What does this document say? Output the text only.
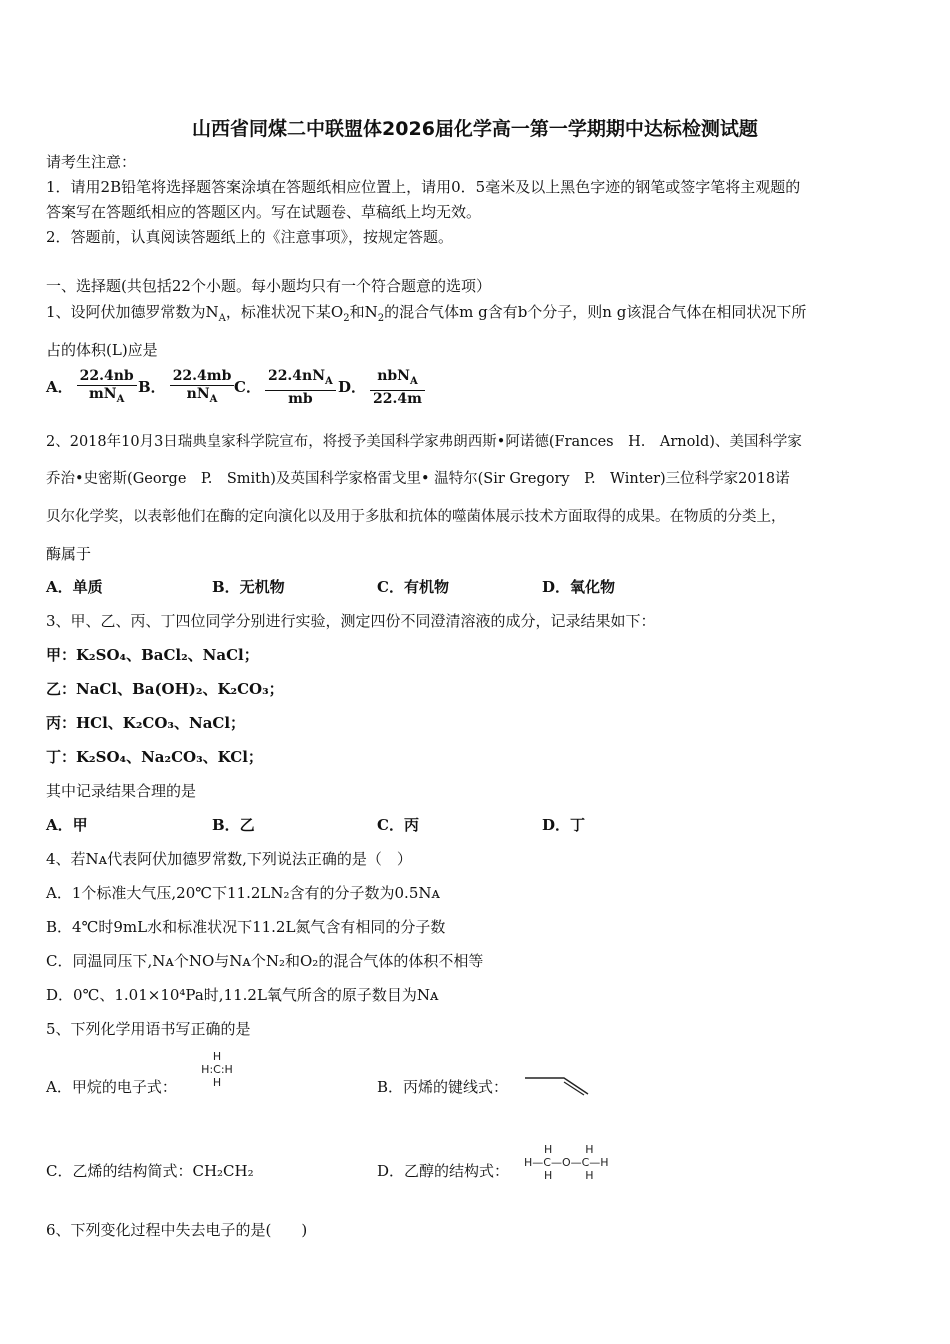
山西省同煤二中联盟体2026届化学高一第一学期期中达标检测试题
请考生注意：
1．请用2B铅笔将选择题答案涂填在答题纸相应位置上，请用0．5毫米及以上黑色字迹的钢笔或签字笔将主观题的
答案写在答题纸相应的答题区内。写在试题卷、草稿纸上均无效。
2．答题前，认真阅读答题纸上的《注意事项》，按规定答题。
一、选择题(共包括22个小题。每小题均只有一个符合题意的选项）
1、设阿伏加德罗常数为$N_A$，标准状况下某$O_2$和$N_2$的混合气体m g含有b个分子，则n g该混合气体在相同状况下所
占的体积(L)应是
A． $\frac{22.4nb}{mN_A}$ B． $\frac{22.4mb}{nN_A}$ C． $\frac{22.4nN_A}{mb}$ D． $\frac{nbN_A}{22.4m}$
2、2018年10月3日瑞典皇家科学院宣布，将授予美国科学家弗朗西斯•阿诺德(Frances　H.　Arnold)、美国科学家
乔治•史密斯(George　P.　Smith)及英国科学家格雷戈里• 温特尔(Sir Gregory　P.　Winter)三位科学家2018诺
贝尔化学奖，以表彰他们在酶的定向演化以及用于多肽和抗体的噬菌体展示技术方面取得的成果。在物质的分类上，
酶属于
A．单质	B．无机物	C．有机物	D．氧化物
3、甲、乙、丙、丁四位同学分别进行实验，测定四份不同澄清溶液的成分，记录结果如下：
甲：K₂SO₄、BaCl₂、NaCl；
乙：NaCl、Ba(OH)₂、K₂CO₃；
丙：HCl、K₂CO₃、NaCl；
丁：K₂SO₄、Na₂CO₃、KCl；
其中记录结果合理的是
A．甲	B．乙	C．丙	D．丁
4、若Nᴀ代表阿伏加德罗常数,下列说法正确的是（　）
A．1个标准大气压,20℃下11.2LN₂含有的分子数为0.5Nᴀ
B．4℃时9mL水和标准状况下11.2L氮气含有相同的分子数
C．同温同压下,Nᴀ个NO与Nᴀ个N₂和O₂的混合气体的体积不相等
D．0℃、1.01×10⁴Pa时,11.2L氧气所含的原子数目为Nᴀ
5、下列化学用语书写正确的是
A．甲烷的电子式：
H
H:C:H
H	B．丙烯的键线式：
C．乙烯的结构简式：CH₂CH₂	D．乙醇的结构式：
H　　　H
H—C—O—C—H
H　　　H
6、下列变化过程中失去电子的是(　　)
